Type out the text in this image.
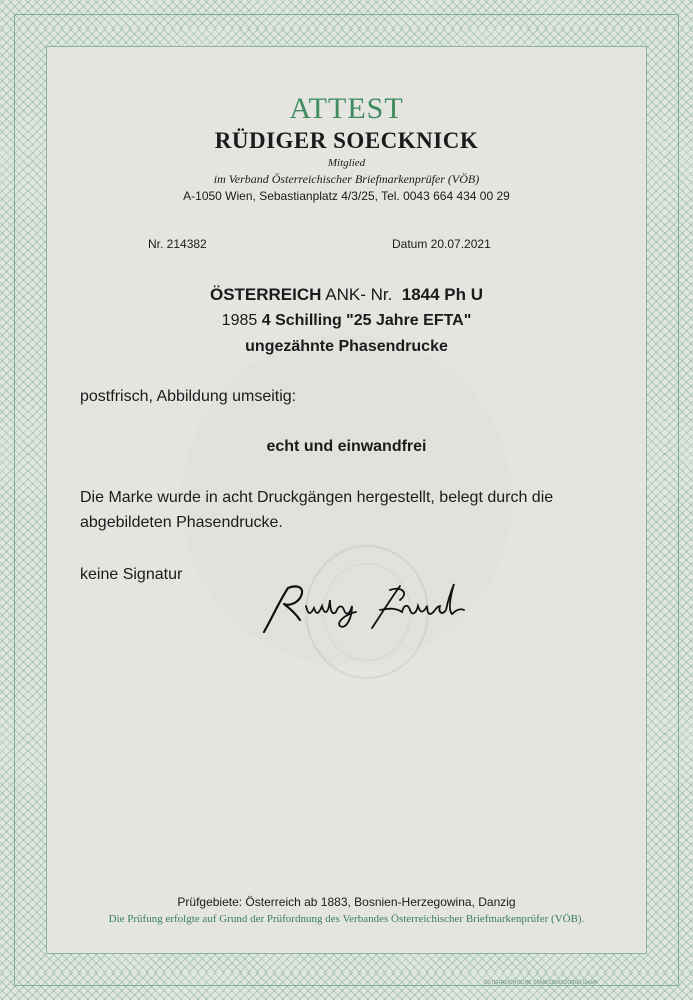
ATTEST
RÜDIGER SOECKNICK
Mitglied
im Verband Österreichischer Briefmarkenprüfer (VÖB)
A-1050 Wien, Sebastianplatz 4/3/25, Tel. 0043 664 434 00 29
Nr. 214382	Datum 20.07.2021
ÖSTERREICH ANK- Nr. 1844 Ph U
1985 4 Schilling "25 Jahre EFTA"
ungezähnte Phasendrucke
postfrisch, Abbildung umseitig:
echt und einwandfrei
Die Marke wurde in acht Druckgängen hergestellt, belegt durch die
abgebildeten Phasendrucke.
keine Signatur
Prüfgebiete: Österreich ab 1883, Bosnien-Herzegowina, Danzig
Die Prüfung erfolgte auf Grund der Prüfordnung des Verbandes Österreichischer Briefmarkenprüfer (VÖB).
ÖSTERREICHISCHE STAATSDRUCKEREI GmbH
